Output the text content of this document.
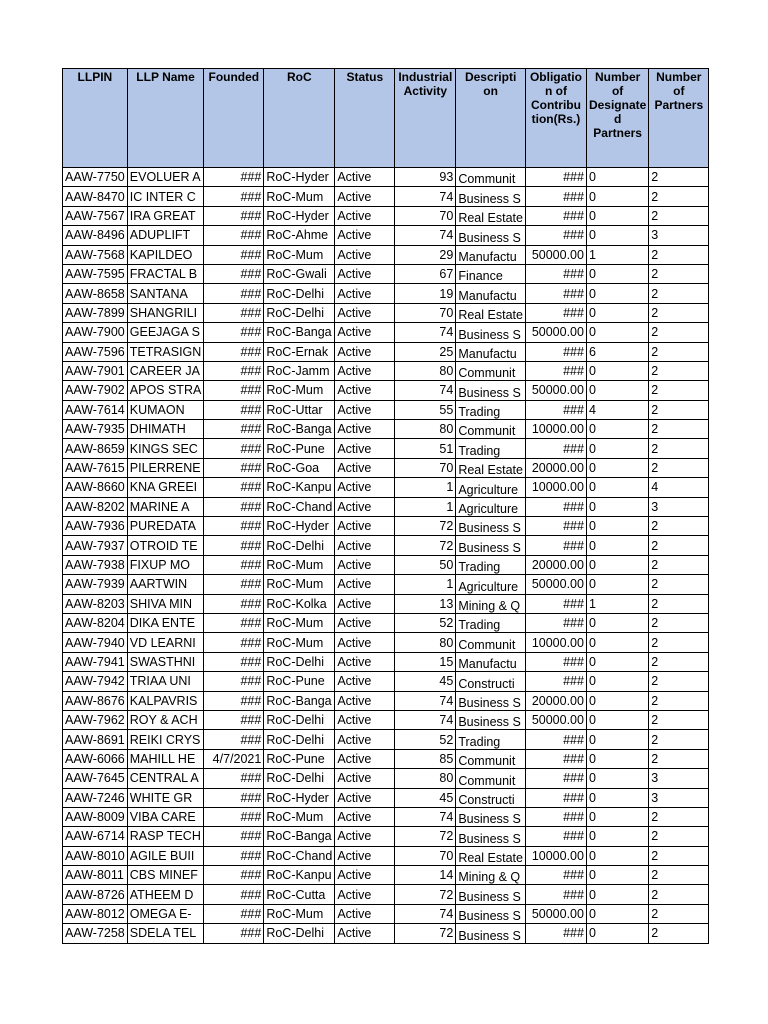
LLPIN	LLP Name	Founded	RoC	Status	Industrial Activity	Descripti on	Obligatio n of Contribu tion(Rs.)	Number of Designate d Partners	Number of Partners
AAW-7750	EVOLUER A	###	RoC-Hyder	Active	93	Communit	###	0	2
AAW-8470	IC INTER C	###	RoC-Mum	Active	74	Business S	###	0	2
AAW-7567	IRA GREAT	###	RoC-Hyder	Active	70	Real Estate	###	0	2
AAW-8496	ADUPLIFT	###	RoC-Ahme	Active	74	Business S	###	0	3
AAW-7568	KAPILDEO	###	RoC-Mum	Active	29	Manufactu	50000.00	1	2
AAW-7595	FRACTAL B	###	RoC-Gwali	Active	67	Finance	###	0	2
AAW-8658	SANTANA	###	RoC-Delhi	Active	19	Manufactu	###	0	2
AAW-7899	SHANGRILI	###	RoC-Delhi	Active	70	Real Estate	###	0	2
AAW-7900	GEEJAGA S	###	RoC-Banga	Active	74	Business S	50000.00	0	2
AAW-7596	TETRASIGN	###	RoC-Ernak	Active	25	Manufactu	###	6	2
AAW-7901	CAREER JA	###	RoC-Jamm	Active	80	Communit	###	0	2
AAW-7902	APOS STRA	###	RoC-Mum	Active	74	Business S	50000.00	0	2
AAW-7614	KUMAON	###	RoC-Uttar	Active	55	Trading	###	4	2
AAW-7935	DHIMATH	###	RoC-Banga	Active	80	Communit	10000.00	0	2
AAW-8659	KINGS SEC	###	RoC-Pune	Active	51	Trading	###	0	2
AAW-7615	PILERRENE	###	RoC-Goa	Active	70	Real Estate	20000.00	0	2
AAW-8660	KNA GREEI	###	RoC-Kanpu	Active	1	Agriculture	10000.00	0	4
AAW-8202	MARINE A	###	RoC-Chand	Active	1	Agriculture	###	0	3
AAW-7936	PUREDATA	###	RoC-Hyder	Active	72	Business S	###	0	2
AAW-7937	OTROID TE	###	RoC-Delhi	Active	72	Business S	###	0	2
AAW-7938	FIXUP MO	###	RoC-Mum	Active	50	Trading	20000.00	0	2
AAW-7939	AARTWIN	###	RoC-Mum	Active	1	Agriculture	50000.00	0	2
AAW-8203	SHIVA MIN	###	RoC-Kolka	Active	13	Mining & Q	###	1	2
AAW-8204	DIKA ENTE	###	RoC-Mum	Active	52	Trading	###	0	2
AAW-7940	VD LEARNI	###	RoC-Mum	Active	80	Communit	10000.00	0	2
AAW-7941	SWASTHNI	###	RoC-Delhi	Active	15	Manufactu	###	0	2
AAW-7942	TRIAA UNI	###	RoC-Pune	Active	45	Constructi	###	0	2
AAW-8676	KALPAVRIS	###	RoC-Banga	Active	74	Business S	20000.00	0	2
AAW-7962	ROY & ACH	###	RoC-Delhi	Active	74	Business S	50000.00	0	2
AAW-8691	REIKI CRYS	###	RoC-Delhi	Active	52	Trading	###	0	2
AAW-6066	MAHILL HE	4/7/2021	RoC-Pune	Active	85	Communit	###	0	2
AAW-7645	CENTRAL A	###	RoC-Delhi	Active	80	Communit	###	0	3
AAW-7246	WHITE GR	###	RoC-Hyder	Active	45	Constructi	###	0	3
AAW-8009	VIBA CARE	###	RoC-Mum	Active	74	Business S	###	0	2
AAW-6714	RASP TECH	###	RoC-Banga	Active	72	Business S	###	0	2
AAW-8010	AGILE BUII	###	RoC-Chand	Active	70	Real Estate	10000.00	0	2
AAW-8011	CBS MINEF	###	RoC-Kanpu	Active	14	Mining & Q	###	0	2
AAW-8726	ATHEEM D	###	RoC-Cutta	Active	72	Business S	###	0	2
AAW-8012	OMEGA E-	###	RoC-Mum	Active	74	Business S	50000.00	0	2
AAW-7258	SDELA TEL	###	RoC-Delhi	Active	72	Business S	###	0	2
